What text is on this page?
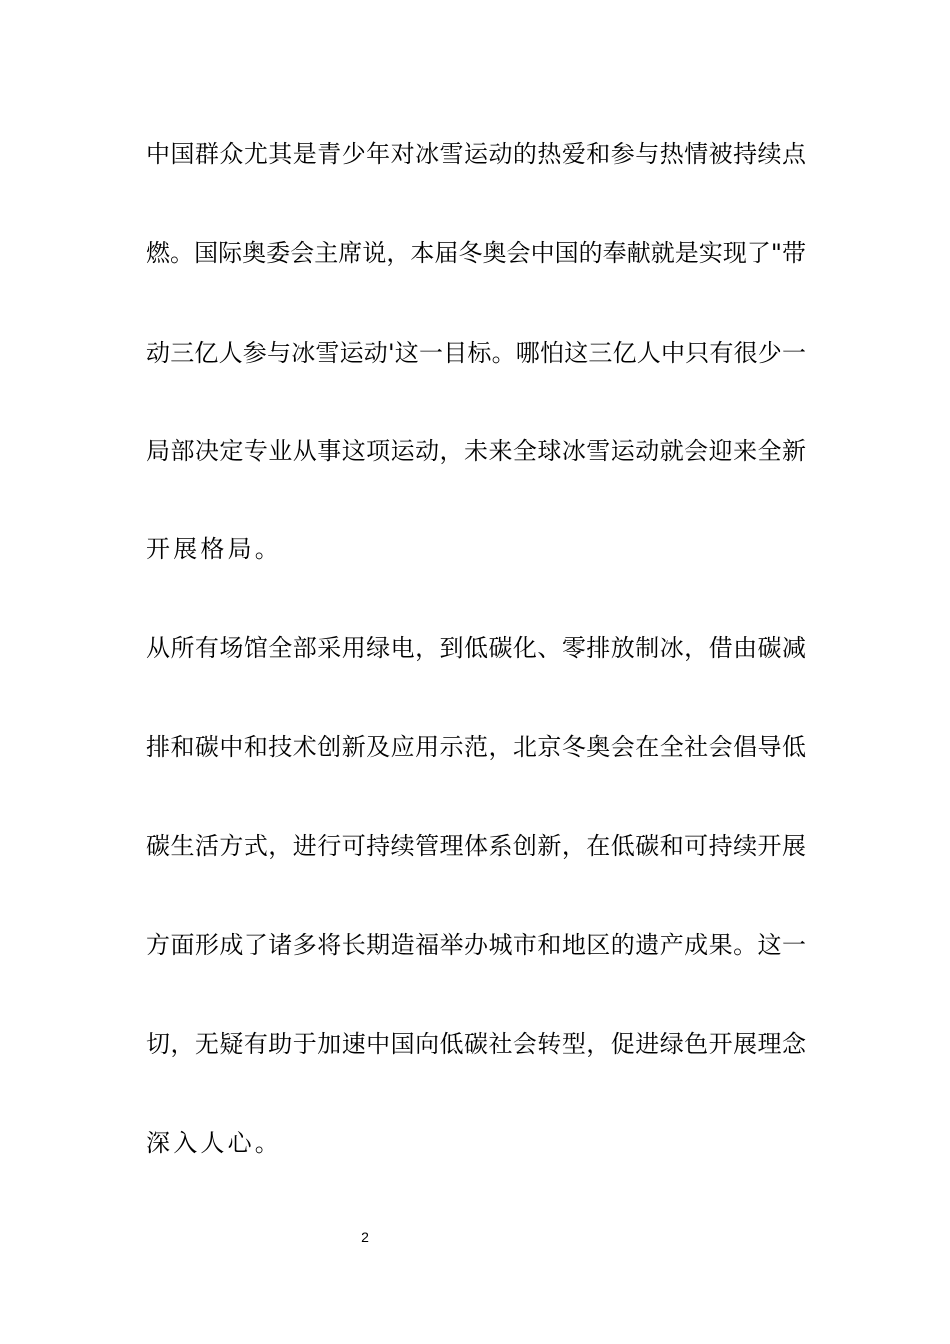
中国群众尤其是青少年对冰雪运动的热爱和参与热情被持续点
燃。国际奥委会主席说，本届冬奥会中国的奉献就是实现了"带
动三亿人参与冰雪运动'这一目标。哪怕这三亿人中只有很少一
局部决定专业从事这项运动，未来全球冰雪运动就会迎来全新
开展格局。
从所有场馆全部采用绿电，到低碳化、零排放制冰，借由碳减
排和碳中和技术创新及应用示范，北京冬奥会在全社会倡导低
碳生活方式，进行可持续管理体系创新，在低碳和可持续开展
方面形成了诸多将长期造福举办城市和地区的遗产成果。这一
切，无疑有助于加速中国向低碳社会转型，促进绿色开展理念
深入人心。
2
